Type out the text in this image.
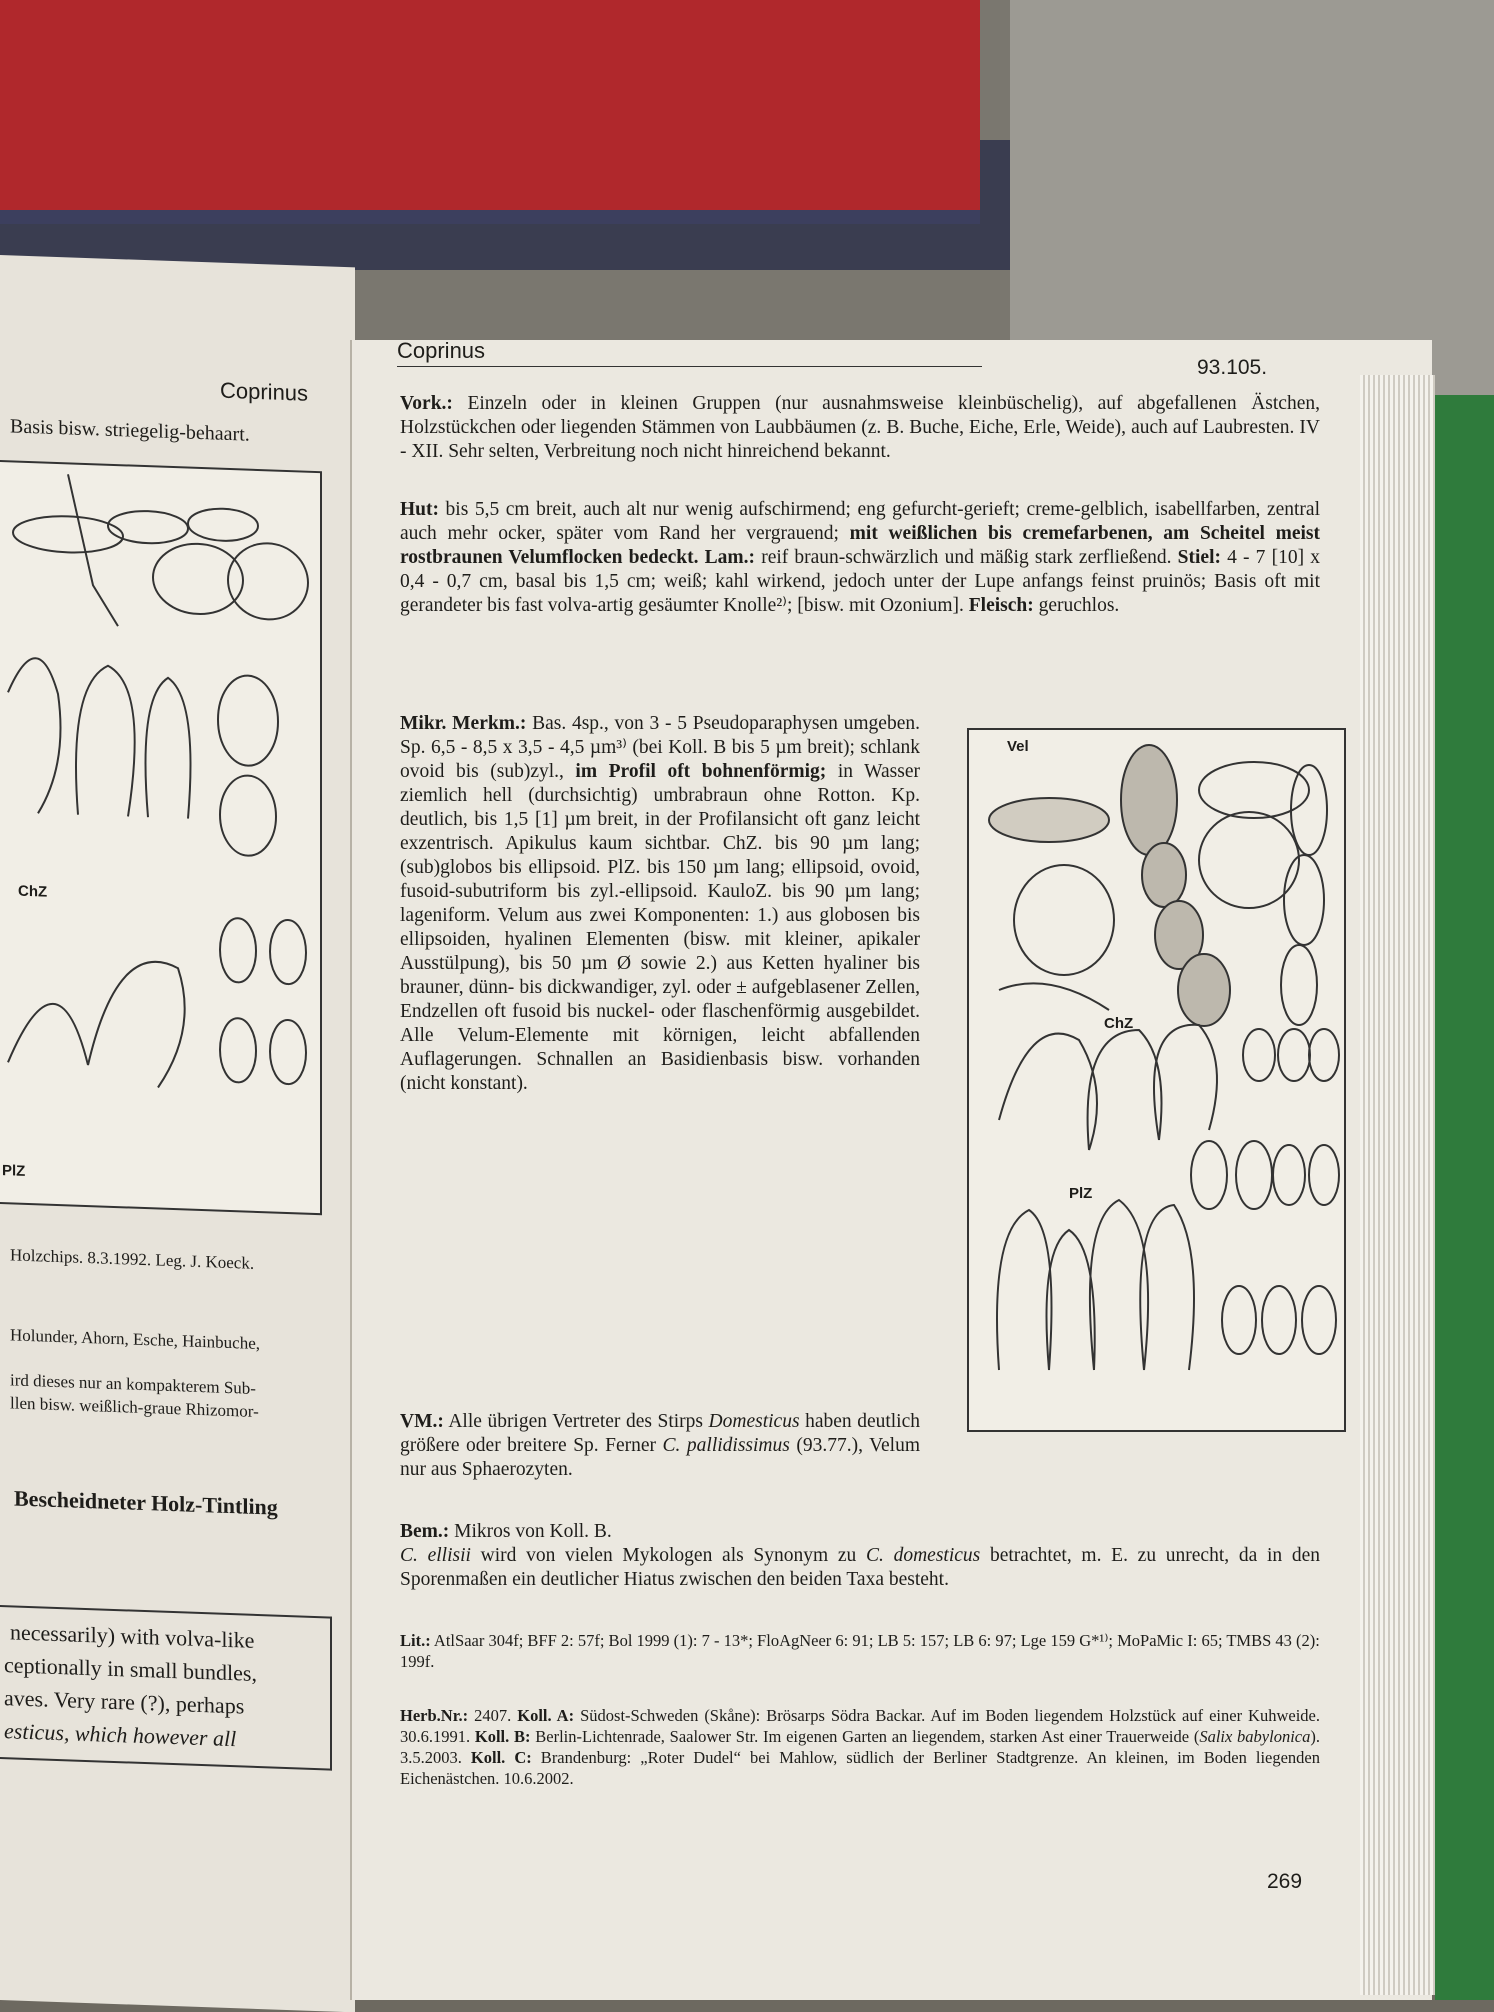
Coprinus
Basis bisw. striegelig-behaart.
ChZ
PlZ
Holzchips. 8.3.1992. Leg. J. Koeck.
Holunder, Ahorn, Esche, Hainbuche,
ird dieses nur an kompakterem Sub-
llen bisw. weißlich-graue Rhizomor-
Bescheidneter Holz-Tintling
necessarily) with volva-like
ceptionally in small bundles,
aves. Very rare (?), perhaps
esticus, which however all
Coprinus
93.105.

Vork.: Einzeln oder in kleinen Gruppen (nur ausnahmsweise kleinbüschelig), auf abgefallenen Ästchen, Holzstückchen oder liegenden Stämmen von Laubbäumen (z. B. Buche, Eiche, Erle, Weide), auch auf Laubresten. IV - XII. Sehr selten, Verbreitung noch nicht hinreichend bekannt.

Hut: bis 5,5 cm breit, auch alt nur wenig aufschirmend; eng gefurcht-gerieft; creme-gelblich, isabellfarben, zentral auch mehr ocker, später vom Rand her vergrauend; mit weißlichen bis cremefarbenen, am Scheitel meist rostbraunen Velumflocken bedeckt. Lam.: reif braun-schwärzlich und mäßig stark zerfließend. Stiel: 4 - 7 [10] x 0,4 - 0,7 cm, basal bis 1,5 cm; weiß; kahl wirkend, jedoch unter der Lupe anfangs feinst pruinös; Basis oft mit gerandeter bis fast volva-artig gesäumter Knolle²⁾; [bisw. mit Ozonium]. Fleisch: geruchlos.

Mikr. Merkm.: Bas. 4sp., von 3 - 5 Pseudoparaphysen umgeben. Sp. 6,5 - 8,5 x 3,5 - 4,5 µm³⁾ (bei Koll. B bis 5 µm breit); schlank ovoid bis (sub)zyl., im Profil oft bohnenförmig; in Wasser ziemlich hell (durchsichtig) umbrabraun ohne Rotton. Kp. deutlich, bis 1,5 [1] µm breit, in der Profilansicht oft ganz leicht exzentrisch. Apikulus kaum sichtbar. ChZ. bis 90 µm lang; (sub)globos bis ellipsoid. PlZ. bis 150 µm lang; ellipsoid, ovoid, fusoid-subutriform bis zyl.-ellipsoid. KauloZ. bis 90 µm lang; lageniform. Velum aus zwei Komponenten: 1.) aus globosen bis ellipsoiden, hyalinen Elementen (bisw. mit kleiner, apikaler Ausstülpung), bis 50 µm Ø sowie 2.) aus Ketten hyaliner bis brauner, dünn- bis dickwandiger, zyl. oder ± aufgeblasener Zellen, Endzellen oft fusoid bis nuckel- oder flaschenförmig ausgebildet. Alle Velum-Elemente mit körnigen, leicht abfallenden Auflagerungen. Schnallen an Basidienbasis bisw. vorhanden (nicht konstant).

Vel
ChZ
PlZ

VM.: Alle übrigen Vertreter des Stirps Domesticus haben deutlich größere oder breitere Sp. Ferner C. pallidissimus (93.77.), Velum nur aus Sphaerozyten.

Bem.: Mikros von Koll. B.
C. ellisii wird von vielen Mykologen als Synonym zu C. domesticus betrachtet, m. E. zu unrecht, da in den Sporenmaßen ein deutlicher Hiatus zwischen den beiden Taxa besteht.

Lit.: AtlSaar 304f; BFF 2: 57f; Bol 1999 (1): 7 - 13*; FloAgNeer 6: 91; LB 5: 157; LB 6: 97; Lge 159 G*¹⁾; MoPaMic I: 65; TMBS 43 (2): 199f.

Herb.Nr.: 2407. Koll. A: Südost-Schweden (Skåne): Brösarps Södra Backar. Auf im Boden liegendem Holzstück auf einer Kuhweide. 30.6.1991. Koll. B: Berlin-Lichtenrade, Saalower Str. Im eigenen Garten an liegendem, starken Ast einer Trauerweide (Salix babylonica). 3.5.2003. Koll. C: Brandenburg: „Roter Dudel“ bei Mahlow, südlich der Berliner Stadtgrenze. An kleinen, im Boden liegenden Eichenästchen. 10.6.2002.

269
